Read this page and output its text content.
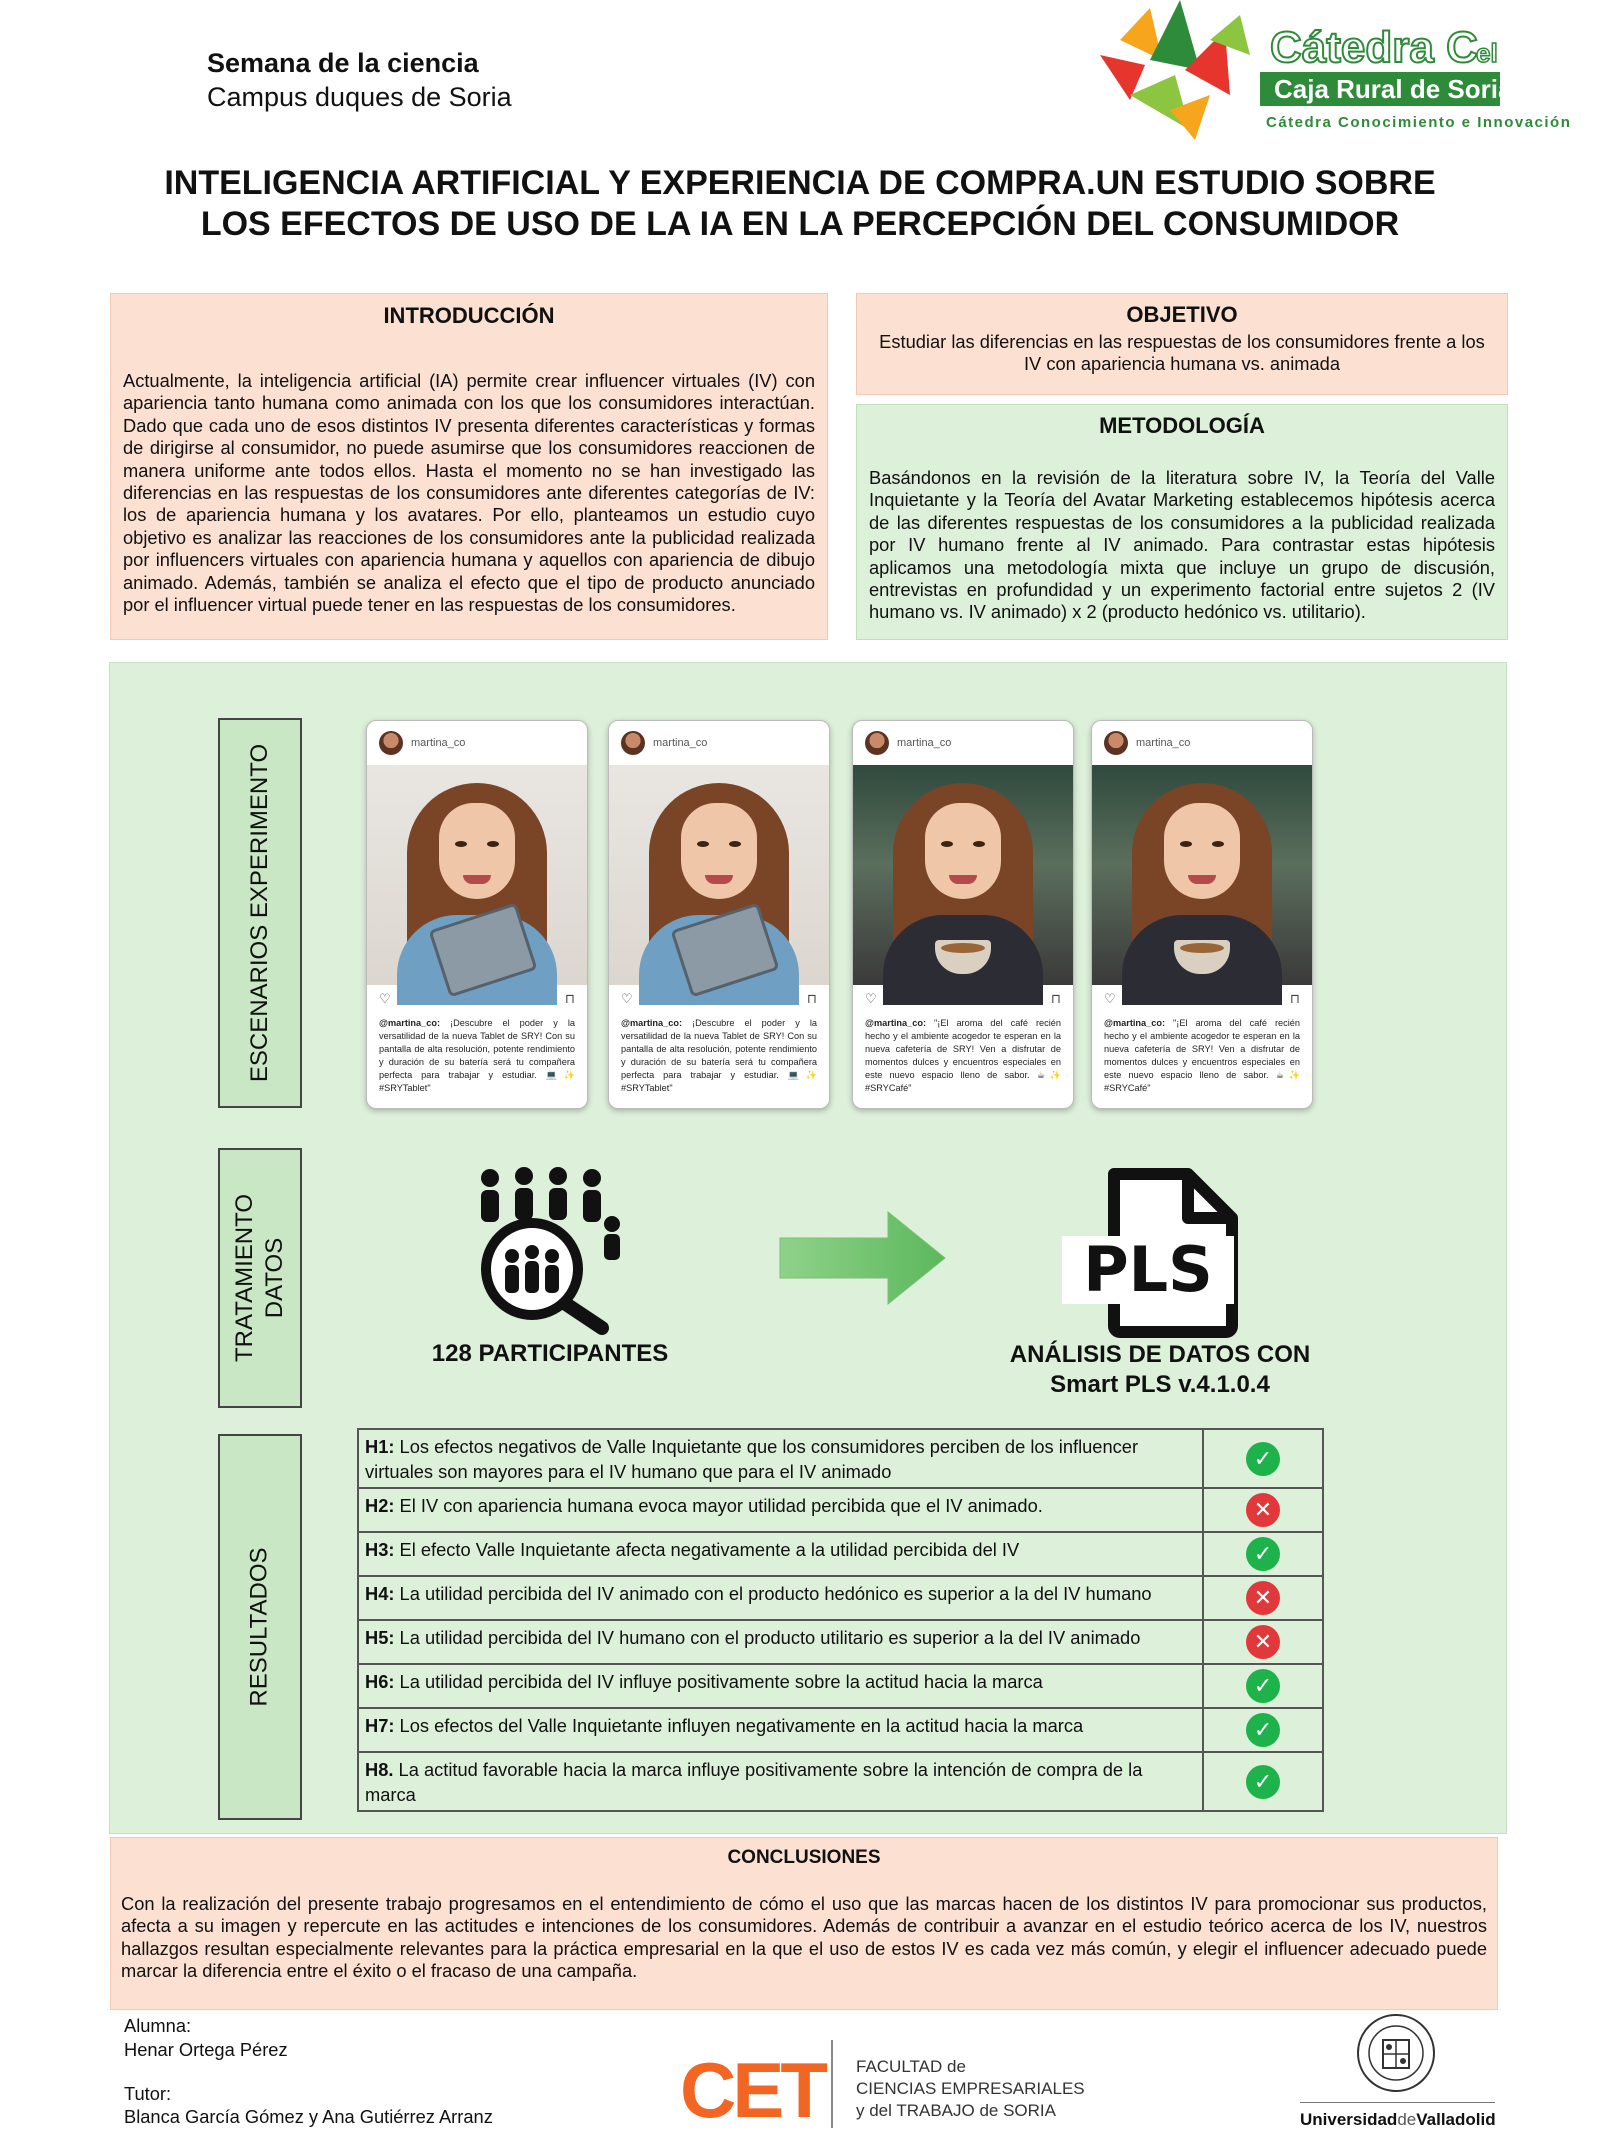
Semana de la ciencia
Campus duques de Soria
Cátedra C
el
Caja Rural de Soria
Cátedra Conocimiento e Innovación
INTELIGENCIA ARTIFICIAL Y EXPERIENCIA DE COMPRA.UN ESTUDIO SOBRE LOS EFECTOS DE USO DE LA IA EN LA PERCEPCIÓN DEL CONSUMIDOR
INTRODUCCIÓN
Actualmente, la inteligencia artificial (IA) permite crear influencer virtuales (IV) con apariencia tanto humana como animada con los que los consumidores interactúan. Dado que cada uno de esos distintos IV presenta diferentes características y formas de dirigirse al consumidor, no puede asumirse que los consumidores reaccionen de manera uniforme ante todos ellos. Hasta el momento no se han investigado las diferencias en las respuestas de los consumidores ante diferentes categorías de IV: los de apariencia humana y los avatares. Por ello, planteamos un estudio cuyo objetivo es analizar las reacciones de los consumidores ante la publicidad realizada por influencers virtuales con apariencia humana y aquellos con apariencia de dibujo animado. Además, también se analiza el efecto que el tipo de producto anunciado por el influencer virtual puede tener en las respuestas de los consumidores.
OBJETIVO
Estudiar las diferencias en las respuestas de los consumidores frente a los IV con apariencia humana vs. animada
METODOLOGÍA
Basándonos en la revisión de la literatura sobre IV, la Teoría del Valle Inquietante y la Teoría del Avatar Marketing establecemos hipótesis acerca de las diferentes respuestas de los consumidores a la publicidad realizada por IV humano frente al IV animado. Para contrastar estas hipótesis aplicamos una metodología mixta que incluye un grupo de discusión, entrevistas en profundidad y un experimento factorial entre sujetos 2 (IV humano vs. IV animado) x 2 (producto hedónico vs. utilitario).
ESCENARIOS EXPERIMENTO
TRATAMIENTO DATOS
RESULTADOS
martina_co
♡	⊓
@martina_co: ¡Descubre el poder y la versatilidad de la nueva Tablet de SRY! Con su pantalla de alta resolución, potente rendimiento y duración de su batería será tu compañera perfecta para trabajar y estudiar. 💻✨ #SRYTablet"
martina_co
♡	⊓
@martina_co: ¡Descubre el poder y la versatilidad de la nueva Tablet de SRY! Con su pantalla de alta resolución, potente rendimiento y duración de su batería será tu compañera perfecta para trabajar y estudiar. 💻✨ #SRYTablet"
martina_co
♡	⊓
@martina_co: "¡El aroma del café recién hecho y el ambiente acogedor te esperan en la nueva cafetería de SRY! Ven a disfrutar de momentos dulces y encuentros especiales en este nuevo espacio lleno de sabor. ☕✨ #SRYCafé"
martina_co
♡	⊓
@martina_co: "¡El aroma del café recién hecho y el ambiente acogedor te esperan en la nueva cafetería de SRY! Ven a disfrutar de momentos dulces y encuentros especiales en este nuevo espacio lleno de sabor. ☕✨ #SRYCafé"
128 PARTICIPANTES
PLS
ANÁLISIS DE DATOS CON
Smart PLS v.4.1.0.4
H1: Los efectos negativos de Valle Inquietante que los consumidores perciben de los influencer virtuales son mayores para el IV humano que para el IV animado	✓
H2: El IV con apariencia humana evoca mayor utilidad percibida que el IV animado.	✕
H3: El efecto Valle Inquietante afecta negativamente a la utilidad percibida del IV	✓
H4: La utilidad percibida del IV animado con el producto hedónico es superior a la del IV humano	✕
H5: La utilidad percibida del IV humano con el producto utilitario es superior a la del IV animado	✕
H6: La utilidad percibida del IV influye positivamente sobre la actitud hacia la marca	✓
H7: Los efectos del Valle Inquietante influyen negativamente en la actitud hacia la marca	✓
H8. La actitud favorable hacia la marca influye positivamente sobre la intención de compra de la marca	✓
CONCLUSIONES
Con la realización del presente trabajo progresamos en el entendimiento de cómo el uso que las marcas hacen de los distintos IV para promocionar sus productos, afecta a su imagen y repercute en las actitudes e intenciones de los consumidores. Además de contribuir a avanzar en el estudio teórico acerca de los IV, nuestros hallazgos resultan especialmente relevantes para la práctica empresarial en la que el uso de estos IV es cada vez más común, y elegir el influencer adecuado puede marcar la diferencia entre el éxito o el fracaso de una campaña.
Alumna:
Henar Ortega Pérez
Tutor:
Blanca García Gómez y Ana Gutiérrez Arranz CET FACULTAD de
CIENCIAS EMPRESARIALES
y del TRABAJO de SORIA	UniversidaddeValladolid
